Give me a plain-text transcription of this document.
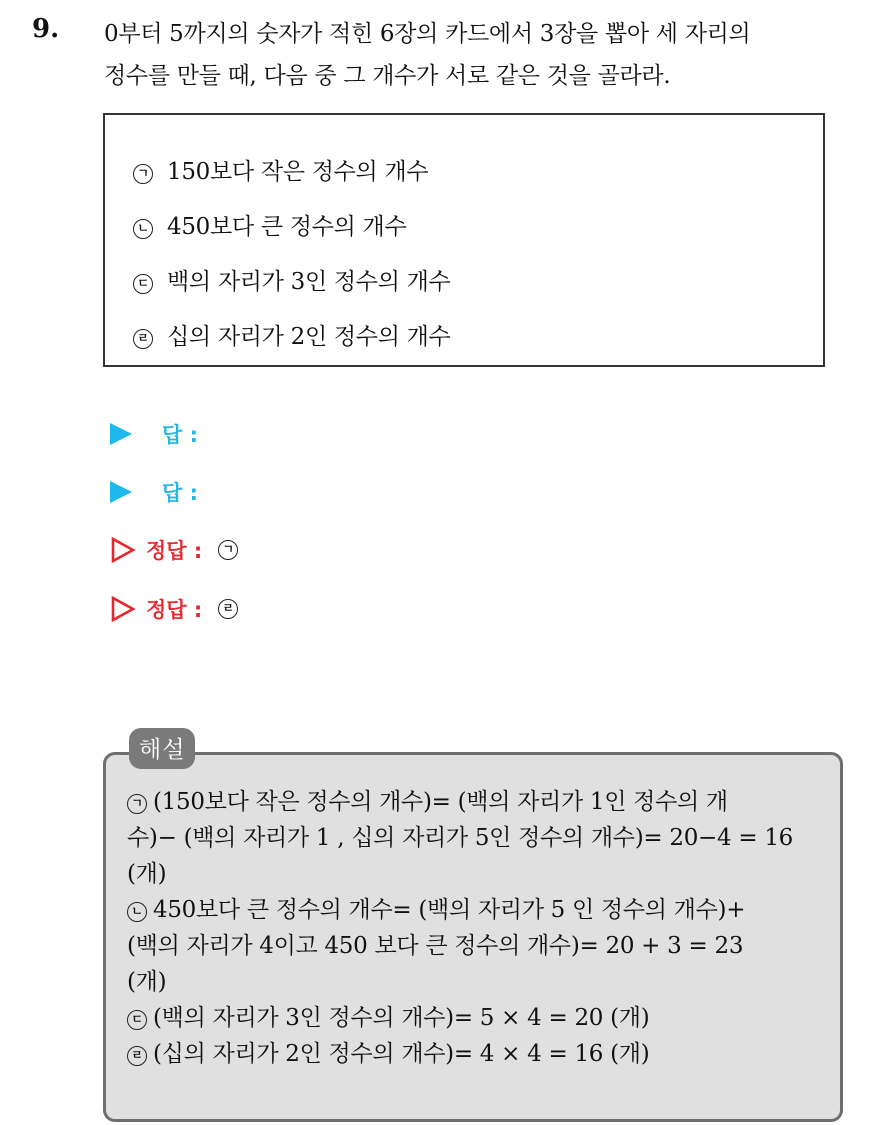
9. 0부터 5까지의 숫자가 적힌 6장의 카드에서 3장을 뽑아 세 자리의
정수를 만들 때, 다음 중 그 개수가 서로 같은 것을 골라라.
ㄱ 150보다 작은 정수의 개수
ㄴ 450보다 큰 정수의 개수
ㄷ 백의 자리가 3인 정수의 개수
ㄹ 십의 자리가 2인 정수의 개수
답 :
답 :
정답 :	ㄱ
정답 :	ㄹ
해설
ㄱ (150보다 작은 정수의 개수)= (백의 자리가 1인 정수의 개
수)− (백의 자리가 1 , 십의 자리가 5인 정수의 개수)= 20−4 = 16
(개)
ㄴ 450보다 큰 정수의 개수= (백의 자리가 5 인 정수의 개수)+
(백의 자리가 4이고 450 보다 큰 정수의 개수)= 20 + 3 = 23
(개)
ㄷ (백의 자리가 3인 정수의 개수)= 5 × 4 = 20 (개)
ㄹ (십의 자리가 2인 정수의 개수)= 4 × 4 = 16 (개)
